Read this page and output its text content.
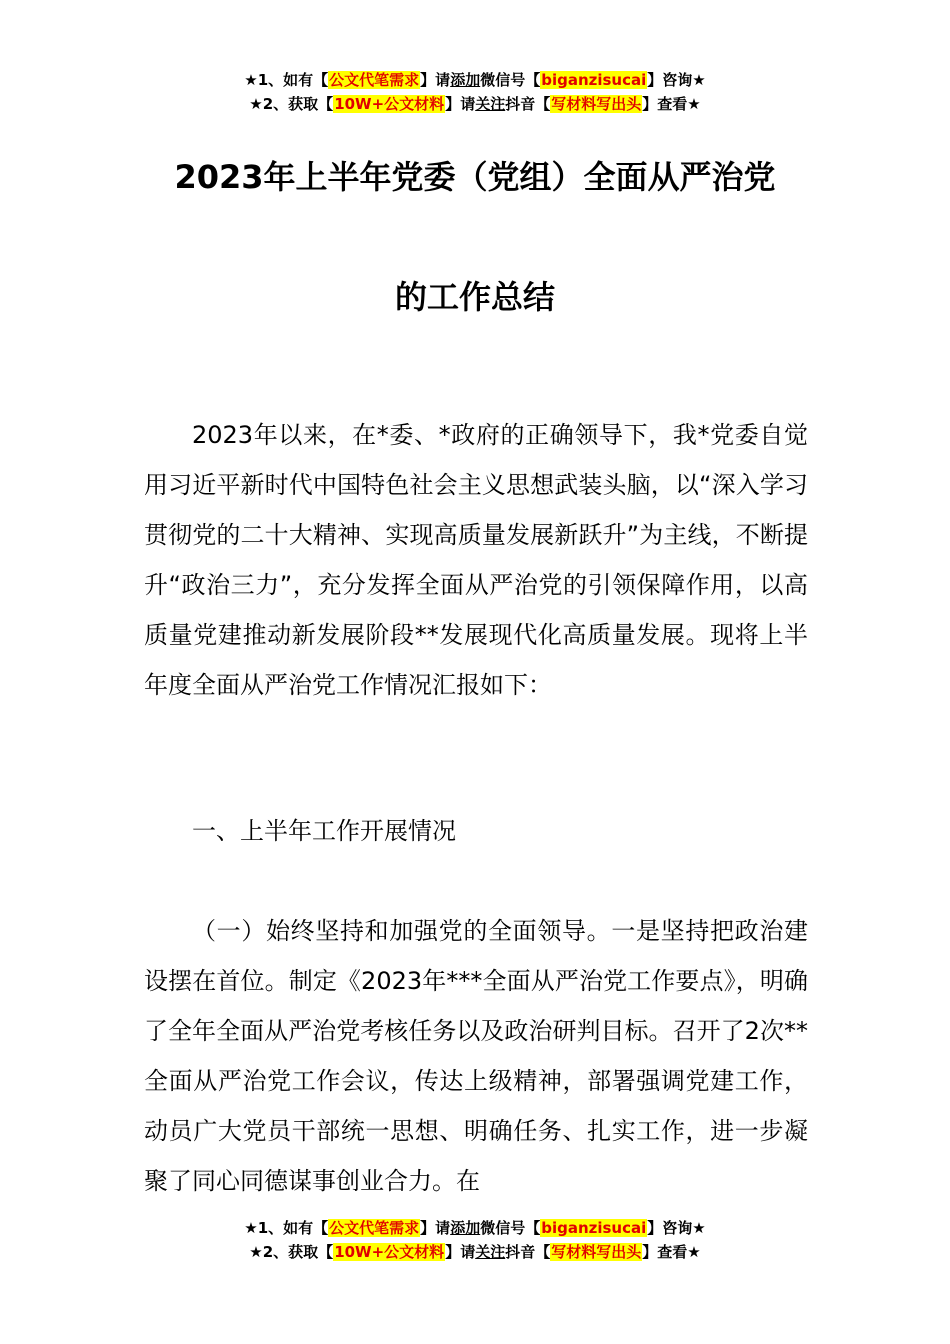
★1、如有【公文代笔需求】请添加微信号【biganzisucai】咨询★
★2、获取【10W+公文材料】请关注抖音【写材料写出头】查看★
2023年上半年党委（党组）全面从严治党
的工作总结
2023年以来，在*委、*政府的正确领导下，我*党委自觉用习近平新时代中国特色社会主义思想武装头脑，以“深入学习贯彻党的二十大精神、实现高质量发展新跃升”为主线，不断提升“政治三力”，充分发挥全面从严治党的引领保障作用，以高质量党建推动新发展阶段**发展现代化高质量发展。现将上半年度全面从严治党工作情况汇报如下：
一、上半年工作开展情况
（一）始终坚持和加强党的全面领导。一是坚持把政治建设摆在首位。制定《2023年***全面从严治党工作要点》，明确了全年全面从严治党考核任务以及政治研判目标。召开了2次**全面从严治党工作会议，传达上级精神，部署强调党建工作，动员广大党员干部统一思想、明确任务、扎实工作，进一步凝聚了同心同德谋事创业合力。在
★1、如有【公文代笔需求】请添加微信号【biganzisucai】咨询★
★2、获取【10W+公文材料】请关注抖音【写材料写出头】查看★
